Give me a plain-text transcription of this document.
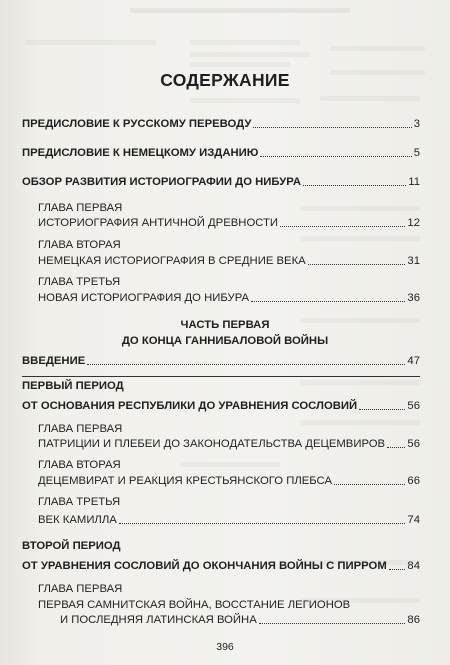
СОДЕРЖАНИЕ
ПРЕДИСЛОВИЕ К РУССКОМУ ПЕРЕВОДУ	3
ПРЕДИСЛОВИЕ К НЕМЕЦКОМУ ИЗДАНИЮ	5
ОБЗОР РАЗВИТИЯ ИСТОРИОГРАФИИ ДО НИБУРА	11
ГЛАВА ПЕРВАЯ
ИСТОРИОГРАФИЯ АНТИЧНОЙ ДРЕВНОСТИ	12
ГЛАВА ВТОРАЯ
НЕМЕЦКАЯ ИСТОРИОГРАФИЯ В СРЕДНИЕ ВЕКА	31
ГЛАВА ТРЕТЬЯ
НОВАЯ ИСТОРИОГРАФИЯ ДО НИБУРА	36
ЧАСТЬ ПЕРВАЯ
ДО КОНЦА ГАННИБАЛОВОЙ ВОЙНЫ
ВВЕДЕНИЕ	47
ПЕРВЫЙ ПЕРИОД
ОТ ОСНОВАНИЯ РЕСПУБЛИКИ ДО УРАВНЕНИЯ СОСЛОВИЙ	56
ГЛАВА ПЕРВАЯ
ПАТРИЦИИ И ПЛЕБЕИ ДО ЗАКОНОДАТЕЛЬСТВА ДЕЦЕМВИРОВ 56
ГЛАВА ВТОРАЯ
ДЕЦЕМВИРАТ И РЕАКЦИЯ КРЕСТЬЯНСКОГО ПЛЕБСА	66
ГЛАВА ТРЕТЬЯ
ВЕК КАМИЛЛА	74
ВТОРОЙ ПЕРИОД
ОТ УРАВНЕНИЯ СОСЛОВИЙ ДО ОКОНЧАНИЯ ВОЙНЫ С ПИРРОМ 84
ГЛАВА ПЕРВАЯ
ПЕРВАЯ САМНИТСКАЯ ВОЙНА, ВОССТАНИЕ ЛЕГИОНОВ
И ПОСЛЕДНЯЯ ЛАТИНСКАЯ ВОЙНА	86
396
